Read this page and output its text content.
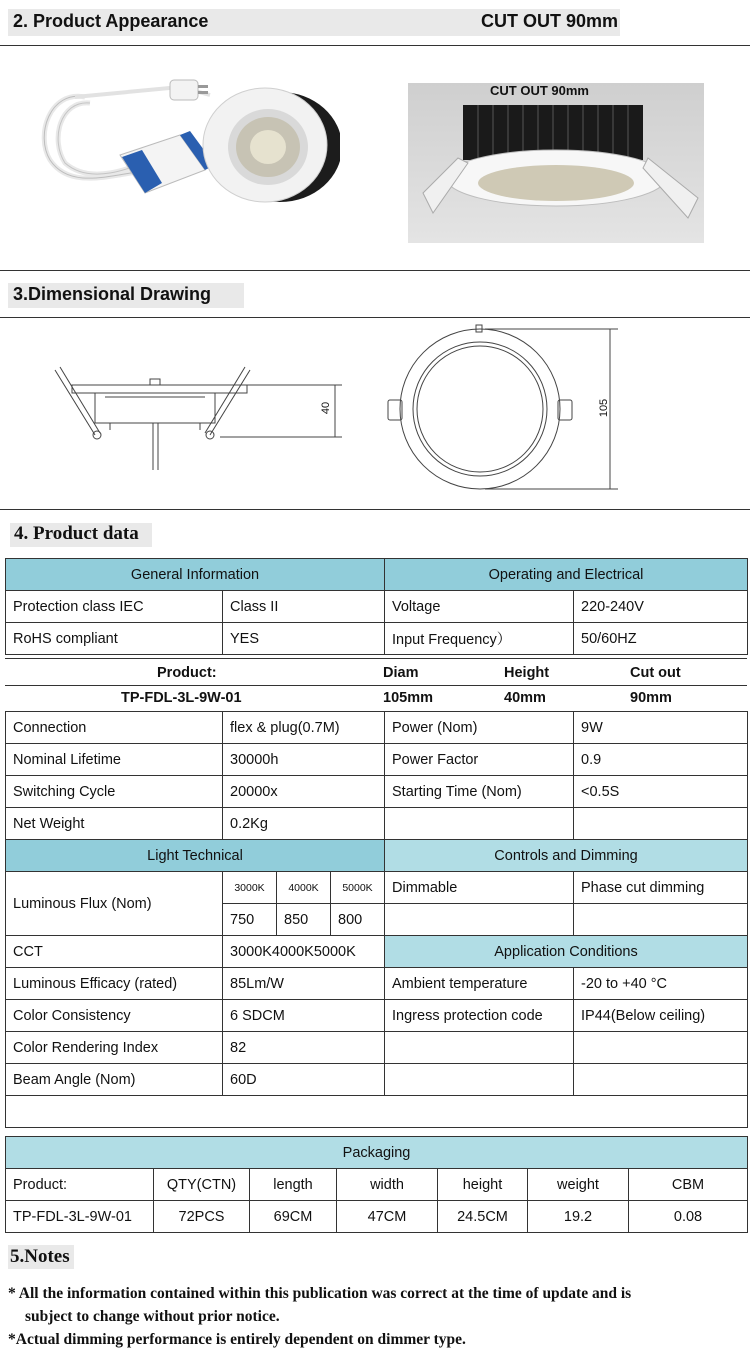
2. Product Appearance	CUT OUT 90mm
CUT OUT 90mm
3.Dimensional Drawing
40	105
4. Product data
General Information		Operating and Electrical	
Protection class IEC	Class II	Voltage	220-240V
RoHS compliant	YES	Input Frequency）	50/60HZ
Product:	Diam	Height	Cut out
TP-FDL-3L-9W-01	105mm	40mm	90mm
Connection	flex & plug(0.7M)			Power (Nom)	9W
Nominal Lifetime	30000h			Power Factor	0.9
Switching Cycle	20000x			Starting Time (Nom)	<0.5S
Net Weight	0.2Kg				
Light Technical				Controls and Dimming	
Luminous Flux (Nom)	3000K	4000K	5000K	Dimmable	Phase cut dimming
	750	850	800		
CCT	3000K4000K5000K			Application Conditions	
Luminous Efficacy (rated)	85Lm/W			Ambient temperature	-20 to +40 °C
Color Consistency	6 SDCM			Ingress protection code	IP44(Below ceiling)
Color Rendering Index	82				
Beam Angle (Nom)	60D				

Packaging						
Product:	QTY(CTN)	length	width	height	weight	CBM
TP-FDL-3L-9W-01	72PCS	69CM	47CM	24.5CM	19.2	0.08
5.Notes
* All the information contained within this publication was correct at the time of update and is
subject to change without prior notice.
*Actual dimming performance is entirely dependent on dimmer type.
